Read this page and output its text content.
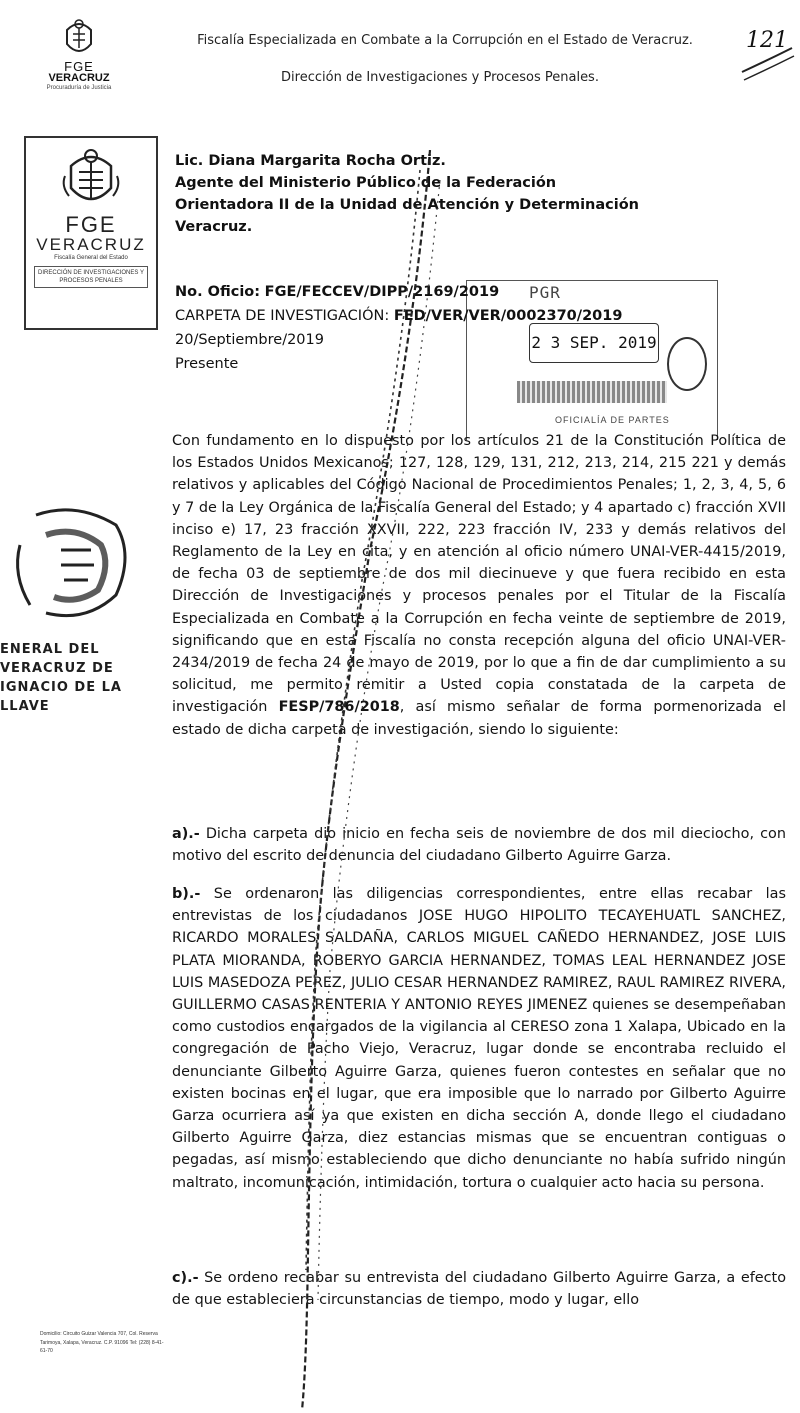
Fiscalía Especializada en Combate a la Corrupción en el Estado de Veracruz.
Dirección de Investigaciones y Procesos Penales.
121
FGE
VERACRUZ
Procuraduría de Justicia
FGE
VERACRUZ
Fiscalía General del Estado
DIRECCIÓN DE INVESTIGACIONES Y PROCESOS PENALES
Lic. Diana Margarita Rocha Ortiz.
Agente del Ministerio Público de la Federación
Orientadora II de la Unidad de Atención y Determinación
Veracruz.
PGR
2 3 SEP. 2019
OFICIALÍA DE PARTES
No. Oficio: FGE/FECCEV/DIPP/2169/2019
CARPETA DE INVESTIGACIÓN: FED/VER/VER/0002370/2019
20/Septiembre/2019
Presente
ENERAL DEL
VERACRUZ DE
IGNACIO DE LA LLAVE
Con fundamento en lo dispuesto por los artículos 21 de la Constitución Política de los Estados Unidos Mexicanos; 127, 128, 129, 131, 212, 213, 214, 215 221 y demás relativos y aplicables del Código Nacional de Procedimientos Penales; 1, 2, 3, 4, 5, 6 y 7 de la Ley Orgánica de la Fiscalía General del Estado; y 4 apartado c) fracción XVII inciso e) 17, 23 fracción XXVII, 222, 223 fracción IV, 233 y demás relativos del Reglamento de la Ley en cita, y en atención al oficio número UNAI-VER-4415/2019, de fecha 03 de septiembre de dos mil diecinueve y que fuera recibido en esta Dirección de Investigaciones y procesos penales por el Titular de la Fiscalía Especializada en Combate a la Corrupción en fecha veinte de septiembre de 2019, significando que en esta Fiscalía no consta recepción alguna del oficio UNAI-VER-2434/2019 de fecha 24 de mayo de 2019, por lo que a fin de dar cumplimiento a su solicitud, me permito remitir a Usted copia constatada de la carpeta de investigación FESP/786/2018, así mismo señalar de forma pormenorizada el estado de dicha carpeta de investigación, siendo lo siguiente:
a).- Dicha carpeta dio inicio en fecha seis de noviembre de dos mil dieciocho, con motivo del escrito de denuncia del ciudadano Gilberto Aguirre Garza.
b).- Se ordenaron las diligencias correspondientes, entre ellas recabar las entrevistas de los ciudadanos JOSE HUGO HIPOLITO TECAYEHUATL SANCHEZ, RICARDO MORALES SALDAÑA, CARLOS MIGUEL CAÑEDO HERNANDEZ, JOSE LUIS PLATA MIORANDA, ROBERYO GARCIA HERNANDEZ, TOMAS LEAL HERNANDEZ JOSE LUIS MASEDOZA PEREZ, JULIO CESAR HERNANDEZ RAMIREZ, RAUL RAMIREZ RIVERA, GUILLERMO CASAS RENTERIA Y ANTONIO REYES JIMENEZ quienes se desempeñaban como custodios encargados de la vigilancia al CERESO zona 1 Xalapa, Ubicado en la congregación de Pacho Viejo, Veracruz, lugar donde se encontraba recluido el denunciante Gilberto Aguirre Garza, quienes fueron contestes en señalar que no existen bocinas en el lugar, que era imposible que lo narrado por Gilberto Aguirre Garza ocurriera así ya que existen en dicha sección A, donde llego el ciudadano Gilberto Aguirre Garza, diez estancias mismas que se encuentran contiguas o pegadas, así mismo estableciendo que dicho denunciante no había sufrido ningún maltrato, incomunicación, intimidación, tortura o cualquier acto hacia su persona.
c).- Se ordeno recabar su entrevista del ciudadano Gilberto Aguirre Garza, a efecto de que estableciera circunstancias de tiempo, modo y lugar, ello
Domicilio: Circuito Guizar Valencia 707, Col. Reserva Tarimoya, Xalapa, Veracruz. C.P. 91096 Tel: (228) 8-41-61-70
